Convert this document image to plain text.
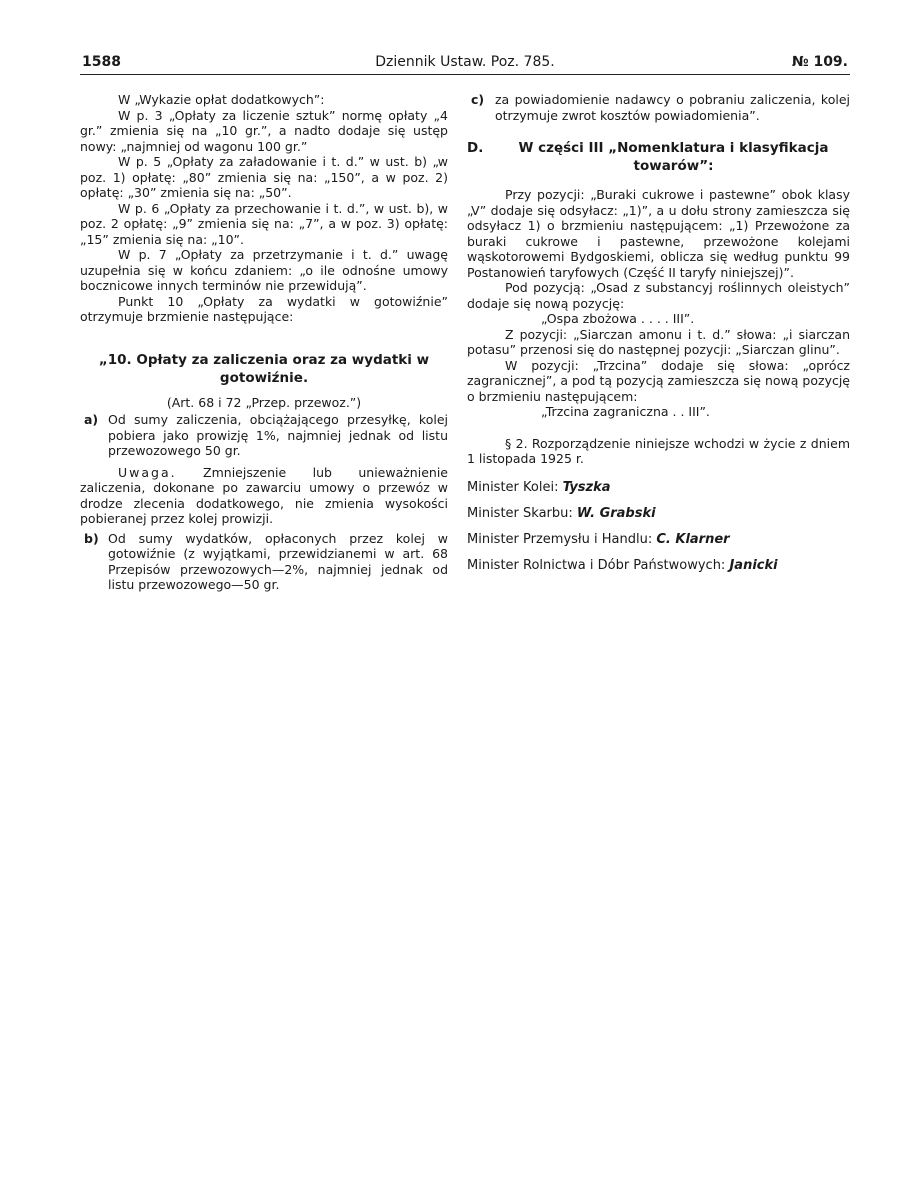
1588	Dziennik Ustaw. Poz. 785.	№ 109.

W „Wykazie opłat dodatkowych”:

W p. 3 „Opłaty za liczenie sztuk” normę opłaty „4 gr.” zmienia się na „10 gr.”, a nadto dodaje się ustęp nowy: „najmniej od wagonu 100 gr.”

W p. 5 „Opłaty za załadowanie i t. d.” w ust. b) „w poz. 1) opłatę: „80” zmienia się na: „150”, a w poz. 2) opłatę: „30” zmienia się na: „50”.

W p. 6 „Opłaty za przechowanie i t. d.”, w ust. b), w poz. 2 opłatę: „9” zmienia się na: „7”, a w poz. 3) opłatę: „15” zmienia się na: „10”.

W p. 7 „Opłaty za przetrzymanie i t. d.” uwagę uzupełnia się w końcu zdaniem: „o ile odnośne umowy bocznicowe innych terminów nie przewidują”.

Punkt 10 „Opłaty za wydatki w gotowiźnie” otrzymuje brzmienie następujące:

„10. Opłaty za zaliczenia oraz za wydatki w gotowiźnie.

(Art. 68 i 72 „Przep. przewoz.”)

a) Od sumy zaliczenia, obciążającego przesyłkę, kolej pobiera jako prowizję 1%, najmniej jednak od listu przewozowego 50 gr.

Uwaga. Zmniejszenie lub unieważnienie zaliczenia, dokonane po zawarciu umowy o przewóz w drodze zlecenia dodatkowego, nie zmienia wysokości pobieranej przez kolej prowizji.

b) Od sumy wydatków, opłaconych przez kolej w gotowiźnie (z wyjątkami, przewidzianemi w art. 68 Przepisów przewozowych—2%, najmniej jednak od listu przewozowego—50 gr.
c) za powiadomienie nadawcy o pobraniu zaliczenia, kolej otrzymuje zwrot kosztów powiadomienia”.
D.	W części III „Nomenklatura i klasyfikacja towarów”:

Przy pozycji: „Buraki cukrowe i pastewne” obok klasy „V” dodaje się odsyłacz: „1)”, a u dołu strony zamieszcza się odsyłacz 1) o brzmieniu następującem: „1) Przewożone za buraki cukrowe i pastewne, przewożone kolejami wąskotorowemi Bydgoskiemi, oblicza się według punktu 99 Postanowień taryfowych (Część II taryfy niniejszej)”.

Pod pozycją: „Osad z substancyj roślinnych oleistych” dodaje się nową pozycję:

„Ospa zbożowa . . . . III”.

Z pozycji: „Siarczan amonu i t. d.” słowa: „i siarczan potasu” przenosi się do następnej pozycji: „Siarczan glinu”.

W pozycji: „Trzcina” dodaje się słowa: „oprócz zagranicznej”, a pod tą pozycją zamieszcza się nową pozycję o brzmieniu następującem:

„Trzcina zagraniczna . . III”.

§ 2. Rozporządzenie niniejsze wchodzi w życie z dniem 1 listopada 1925 r.

Minister Kolei: Tyszka
Minister Skarbu: W. Grabski
Minister Przemysłu i Handlu: C. Klarner
Minister Rolnictwa i Dóbr Państwowych: Janicki
